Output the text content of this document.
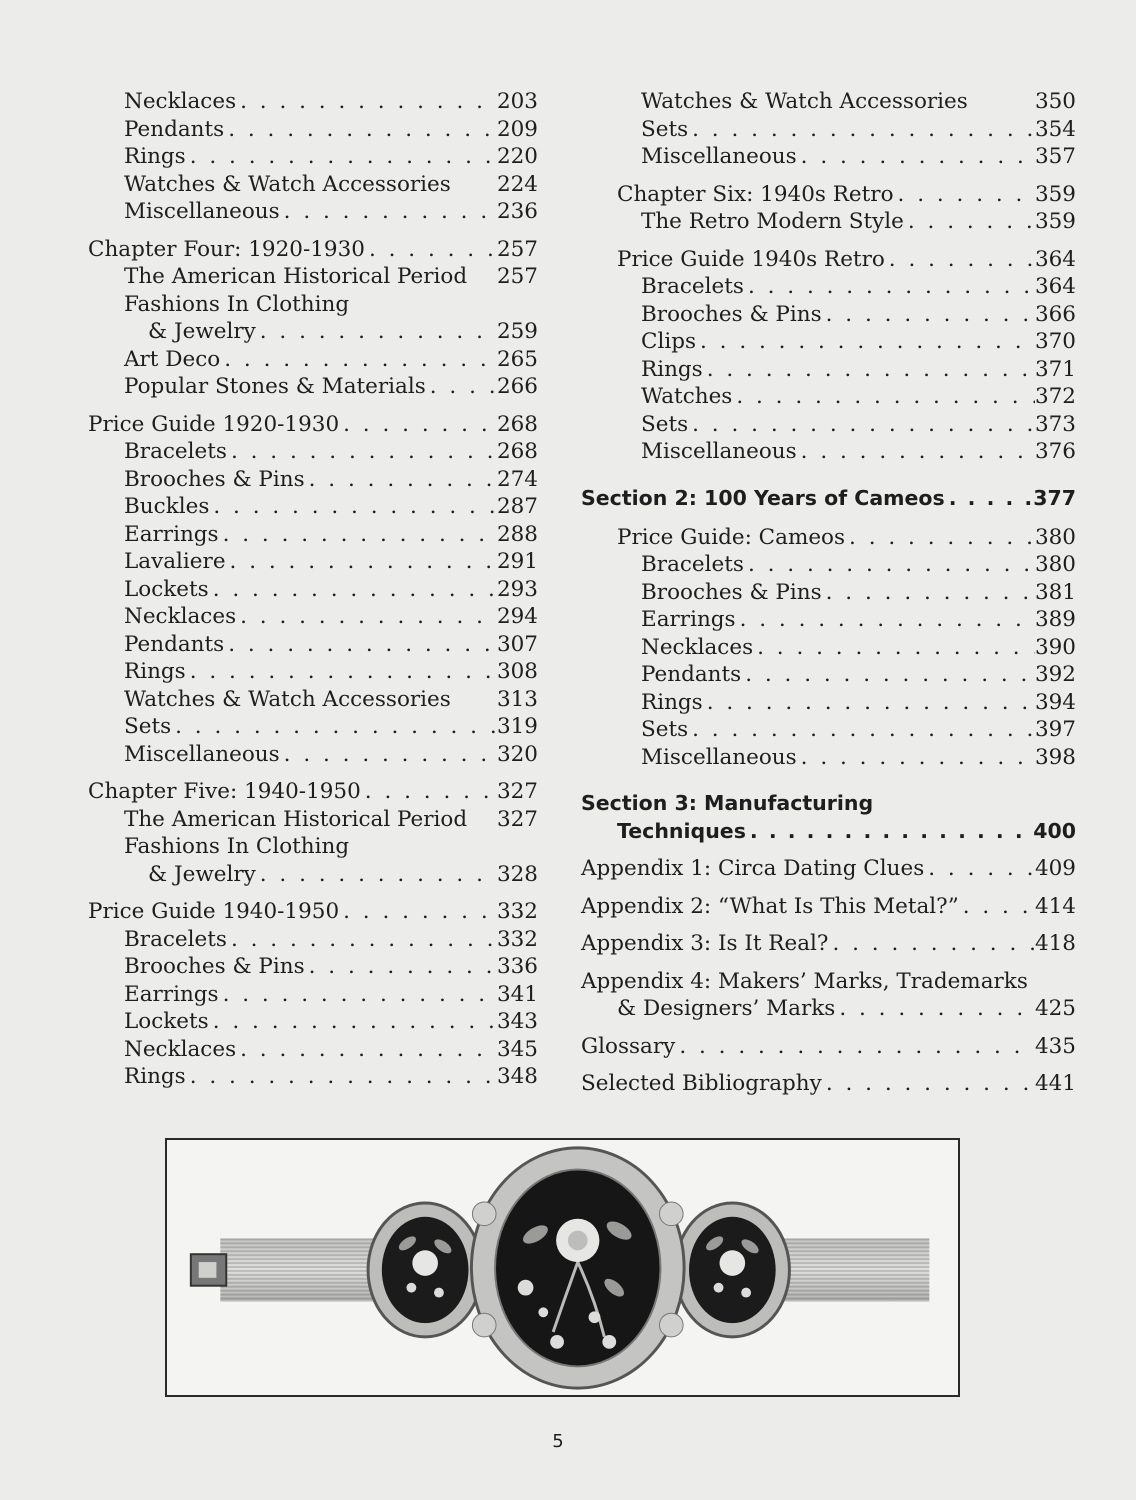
Necklaces . . .	203
Pendants . . .	209
Rings . . .	220
Watches & Watch Accessories 224
Miscellaneous . . .	236
Chapter Four: 1920-1930 . . .	257
The American Historical Period 257
Fashions In Clothing
& Jewelry . . .	259
Art Deco . . .	265
Popular Stones & Materials . . .	266
Price Guide 1920-1930 . . .	268
Bracelets . . .	268
Brooches & Pins . . .	274
Buckles . . .	287
Earrings . . .	288
Lavaliere . . .	291
Lockets . . .	293
Necklaces . . .	294
Pendants . . .	307
Rings . . .	308
Watches & Watch Accessories 313
Sets . . .	319
Miscellaneous . . .	320
Chapter Five: 1940-1950 . . .	327
The American Historical Period 327
Fashions In Clothing
& Jewelry . . .	328
Price Guide 1940-1950 . . .	332
Bracelets . . .	332
Brooches & Pins . . .	336
Earrings . . .	341
Lockets . . .	343
Necklaces . . .	345
Rings . . .	348
Watches & Watch Accessories	350
Sets . . .	354
Miscellaneous . . .	357
Chapter Six: 1940s Retro . . .	359
The Retro Modern Style . . .	359
Price Guide 1940s Retro . . .	364
Bracelets . . .	364
Brooches & Pins . . .	366
Clips . . .	370
Rings . . .	371
Watches . . .	372
Sets . . .	373
Miscellaneous . . .	376
Section 2: 100 Years of Cameos . . .	377
Price Guide: Cameos . . .	380
Bracelets . . .	380
Brooches & Pins . . .	381
Earrings . . .	389
Necklaces . . .	390
Pendants . . .	392
Rings . . .	394
Sets . . .	397
Miscellaneous . . .	398
Section 3: Manufacturing
Techniques . . .	400
Appendix 1: Circa Dating Clues . . .	409
Appendix 2: “What Is This Metal?” . . .	414
Appendix 3: Is It Real? . . .	418
Appendix 4: Makers’ Marks, Trademarks
& Designers’ Marks . . .	425
Glossary . . .	435
Selected Bibliography . . .	441
5
